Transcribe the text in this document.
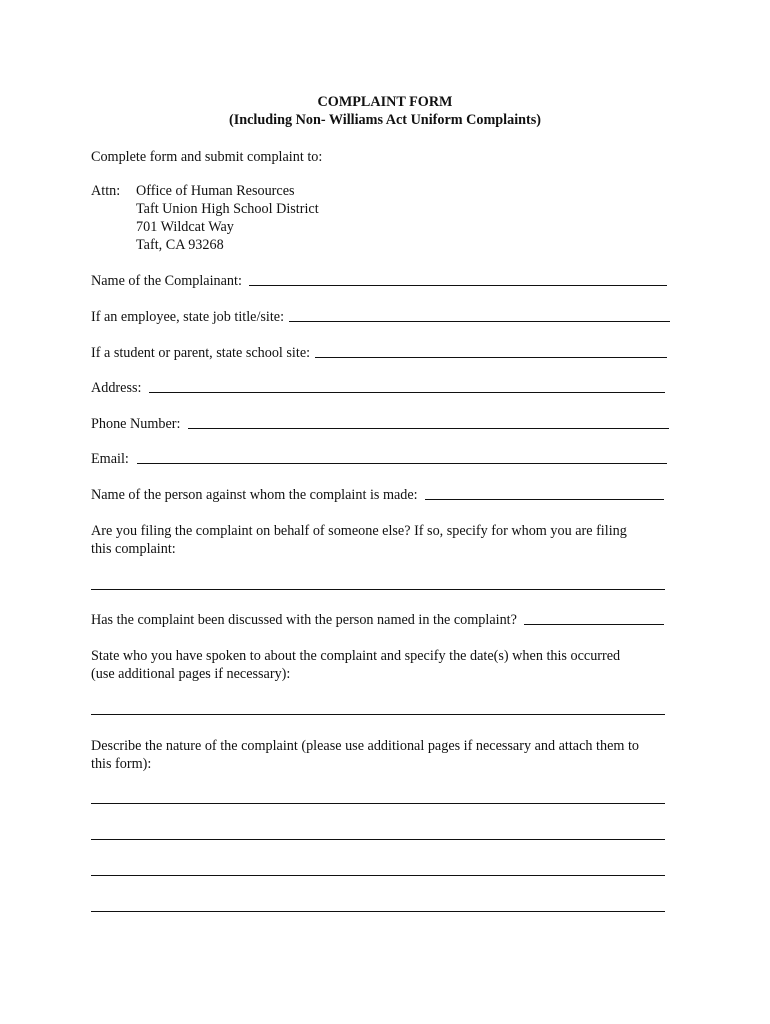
COMPLAINT FORM
(Including Non- Williams Act Uniform Complaints)
Complete form and submit complaint to:
Attn: Office of Human Resources
Taft Union High School District
701 Wildcat Way
Taft, CA 93268
Name of the Complainant:
If an employee, state job title/site:
If a student or parent, state school site:
Address:
Phone Number:
Email:
Name of the person against whom the complaint is made:
Are you filing the complaint on behalf of someone else? If so, specify for whom you are filing
this complaint:
Has the complaint been discussed with the person named in the complaint?
State who you have spoken to about the complaint and specify the date(s) when this occurred
(use additional pages if necessary):
Describe the nature of the complaint (please use additional pages if necessary and attach them to
this form):
